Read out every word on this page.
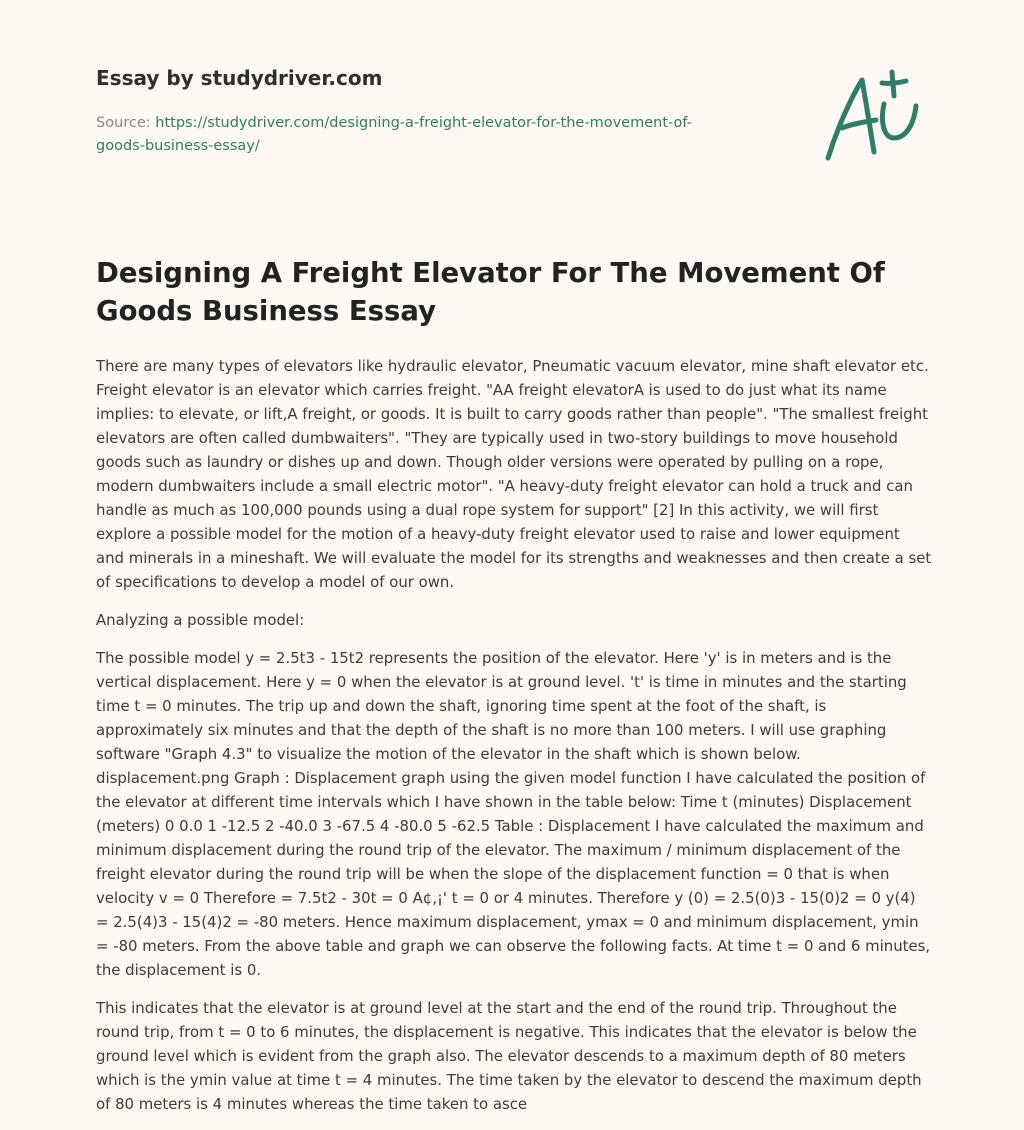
Essay by studydriver.com

Source: https://studydriver.com/designing-a-freight-elevator-for-the-movement-of-goods-business-essay/
Designing A Freight Elevator For The Movement Of Goods Business Essay

There are many types of elevators like hydraulic elevator, Pneumatic vacuum elevator, mine shaft elevator etc. Freight elevator is an elevator which carries freight. "AA freight elevatorA is used to do just what its name implies: to elevate, or lift,A freight, or goods. It is built to carry goods rather than people". "The smallest freight elevators are often called dumbwaiters". "They are typically used in two-story buildings to move household goods such as laundry or dishes up and down. Though older versions were operated by pulling on a rope, modern dumbwaiters include a small electric motor". "A heavy-duty freight elevator can hold a truck and can handle as much as 100,000 pounds using a dual rope system for support" [2] In this activity, we will first explore a possible model for the motion of a heavy-duty freight elevator used to raise and lower equipment and minerals in a mineshaft. We will evaluate the model for its strengths and weaknesses and then create a set of specifications to develop a model of our own.

Analyzing a possible model:

The possible model y = 2.5t3 - 15t2 represents the position of the elevator. Here 'y' is in meters and is the vertical displacement. Here y = 0 when the elevator is at ground level. 't' is time in minutes and the starting time t = 0 minutes. The trip up and down the shaft, ignoring time spent at the foot of the shaft, is approximately six minutes and that the depth of the shaft is no more than 100 meters. I will use graphing software "Graph 4.3" to visualize the motion of the elevator in the shaft which is shown below. displacement.png Graph : Displacement graph using the given model function I have calculated the position of the elevator at different time intervals which I have shown in the table below: Time t (minutes) Displacement (meters) 0 0.0 1 -12.5 2 -40.0 3 -67.5 4 -80.0 5 -62.5 Table : Displacement I have calculated the maximum and minimum displacement during the round trip of the elevator. The maximum / minimum displacement of the freight elevator during the round trip will be when the slope of the displacement function = 0 that is when velocity v = 0 Therefore = 7.5t2 - 30t = 0 A¢‚¡' t = 0 or 4 minutes. Therefore y (0) = 2.5(0)3 - 15(0)2 = 0 y(4) = 2.5(4)3 - 15(4)2 = -80 meters. Hence maximum displacement, ymax = 0 and minimum displacement, ymin = -80 meters. From the above table and graph we can observe the following facts. At time t = 0 and 6 minutes, the displacement is 0.

This indicates that the elevator is at ground level at the start and the end of the round trip. Throughout the round trip, from t = 0 to 6 minutes, the displacement is negative. This indicates that the elevator is below the ground level which is evident from the graph also. The elevator descends to a maximum depth of 80 meters which is the ymin value at time t = 4 minutes. The time taken by the elevator to descend the maximum depth of 80 meters is 4 minutes whereas the time taken to asce
